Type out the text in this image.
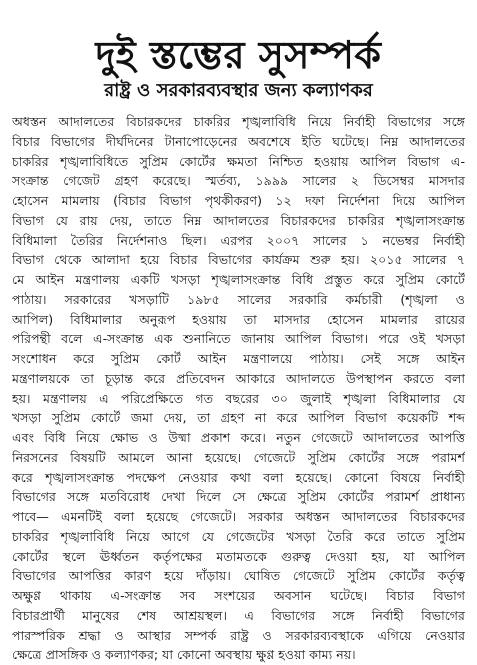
দুই স্তম্ভের সুসম্পর্ক
রাষ্ট্র ও সরকারব্যবস্থার জন্য কল্যাণকর
অধস্তন আদালতের বিচারকদের চাকরির শৃঙ্খলাবিধি নিয়ে নির্বাহী বিভাগের সঙ্গে
বিচার বিভাগের দীর্ঘদিনের টানাপোড়েনের অবশেষে ইতি ঘটেছে। নিম্ন আদালতের
চাকরির শৃঙ্খলাবিধিতে সুপ্রিম কোর্টের ক্ষমতা নিশ্চিত হওয়ায় আপিল বিভাগ এ-
সংক্রান্ত গেজেট গ্রহণ করেছে। স্মর্তব্য, ১৯৯৯ সালের ২ ডিসেম্বর মাসদার
হোসেন মামলায় (বিচার বিভাগ পৃথকীকরণ) ১২ দফা নির্দেশনা দিয়ে আপিল
বিভাগ যে রায় দেয়, তাতে নিম্ন আদালতের বিচারকদের চাকরির শৃঙ্খলাসংক্রান্ত
বিধিমালা তৈরির নির্দেশনাও ছিল। এরপর ২০০৭ সালের ১ নভেম্বর নির্বাহী
বিভাগ থেকে আলাদা হয়ে বিচার বিভাগের কার্যক্রম শুরু হয়। ২০১৫ সালের ৭
মে আইন মন্ত্রণালয় একটি খসড়া শৃঙ্খলাসংক্রান্ত বিধি প্রস্তুত করে সুপ্রিম কোর্টে
পাঠায়। সরকারের খসড়াটি ১৯৮৫ সালের সরকারি কর্মচারী (শৃঙ্খলা ও
আপিল) বিধিমালার অনুরূপ হওয়ায় তা মাসদার হোসেন মামলার রায়ের
পরিপন্থী বলে এ-সংক্রান্ত এক শুনানিতে জানায় আপিল বিভাগ। পরে ওই খসড়া
সংশোধন করে সুপ্রিম কোর্ট আইন মন্ত্রণালয়ে পাঠায়। সেই সঙ্গে আইন
মন্ত্রণালয়কে তা চূড়ান্ত করে প্রতিবেদন আকারে আদালতে উপস্থাপন করতে বলা
হয়। মন্ত্রণালয় এ পরিপ্রেক্ষিতে গত বছরের ৩০ জুলাই শৃঙ্খলা বিধিমালার যে
খসড়া সুপ্রিম কোর্টে জমা দেয়, তা গ্রহণ না করে আপিল বিভাগ কয়েকটি শব্দ
এবং বিধি নিয়ে ক্ষোভ ও উষ্মা প্রকাশ করে। নতুন গেজেটে আদালতের আপত্তি
নিরসনের বিষয়টি আমলে আনা হয়েছে। গেজেটে সুপ্রিম কোর্টের সঙ্গে পরামর্শ
করে শৃঙ্খলাসংক্রান্ত পদক্ষেপ নেওয়ার কথা বলা হয়েছে। কোনো বিষয়ে নির্বাহী
বিভাগের সঙ্গে মতবিরোধ দেখা দিলে সে ক্ষেত্রে সুপ্রিম কোর্টের পরামর্শ প্রাধান্য
পাবে— এমনটিই বলা হয়েছে গেজেটে। সরকার অধস্তন আদালতের বিচারকদের
চাকরির শৃঙ্খলাবিধি নিয়ে আগে যে গেজেটের খসড়া তৈরি করে তাতে সুপ্রিম
কোর্টের স্থলে ঊর্ধ্বতন কর্তৃপক্ষের মতামতকে গুরুত্ব দেওয়া হয়, যা আপিল
বিভাগের আপত্তির কারণ হয়ে দাঁড়ায়। ঘোষিত গেজেটে সুপ্রিম কোর্টের কর্তৃত্ব
অক্ষুণ্ণ থাকায় এ-সংক্রান্ত সব সংশয়ের অবসান ঘটেছে। বিচার বিভাগ
বিচারপ্রার্থী মানুষের শেষ আশ্রয়স্থল। এ বিভাগের সঙ্গে নির্বাহী বিভাগের
পারস্পরিক শ্রদ্ধা ও আস্থার সম্পর্ক রাষ্ট্র ও সরকারব্যবস্থাকে এগিয়ে নেওয়ার
ক্ষেত্রে প্রাসঙ্গিক ও কল্যাণকর; যা কোনো অবস্থায় ক্ষুণ্ণ হওয়া কাম্য নয়।
